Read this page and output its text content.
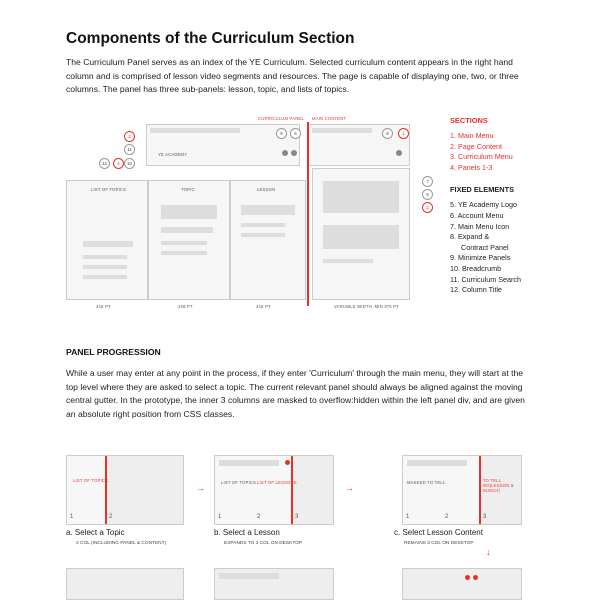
Components of the Curriculum Section

The Curriculum Panel serves as an index of the YE Curriculum. Selected curriculum content appears in the right hand column and is comprised of lesson video segments and resources. The page is capable of displaying one, two, or three columns. The panel has three sub-panels: lesson, topic, and lists of topics.

CURRICULUM PANEL MAIN CONTENT
YE ACADEMY
LIST OF TOPICS	TOPIC	LESSON
426 PT	426 PT	426 PT	VARIABLE WIDTH, MIN 375 PT
3
11
10
12	4
9	6	8	1
7
5
2

SECTIONS

1. Main Menu
2. Page Content
3. Curriculum Menu
4. Panels 1-3

FIXED ELEMENTS

5. YE Academy Logo
6. Account Menu
7. Main Menu Icon
8. Expand &
Contract Panel
9. Minimize Panels
10. Breadcrumb
11. Curriculum Search
12. Column Title

PANEL PROGRESSION

While a user may enter at any point in the process, if they enter 'Curriculum' through the main menu, they will start at the top level where they are asked to select a topic. The current relevant panel should always be aligned against the moving central gutter. In the prototype, the inner 3 columns are masked to overflow:hidden within the left panel div, and are given an absolute right position from CSS classes.

LIST OF TOPICS
1	2
a. Select a Topic
2 COL (INCLUDING PANEL & CONTENT)
→
LIST OF TOPICS LIST OF LESSONS
1	2	3
b. Select a Lesson
EXPANDS TO 3 COL ON DESKTOP
→
MASKED TO TELL	TO TELL NO(LESSON & SUSCH)
1	2	3
c. Select Lesson Content
REMAINS 3 COL ON DESKTOP
↓
